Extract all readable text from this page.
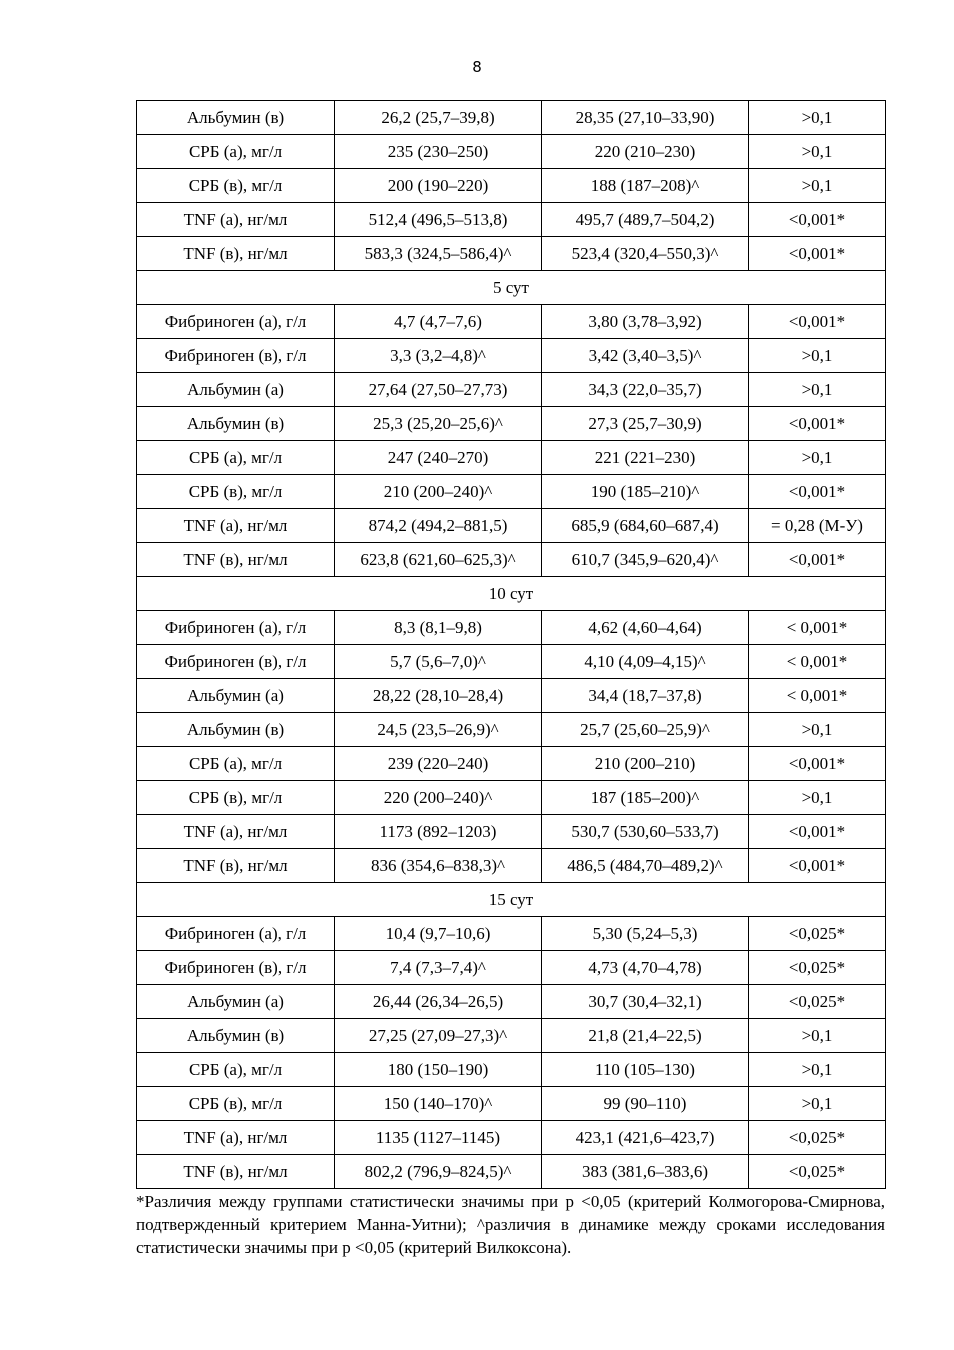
8
Альбумин (в)	26,2 (25,7–39,8)	28,35 (27,10–33,90)	>0,1
СРБ (а), мг/л	235 (230–250)	220 (210–230)	>0,1
СРБ (в), мг/л	200 (190–220)	188 (187–208)^	>0,1
TNF (а), нг/мл	512,4 (496,5–513,8)	495,7 (489,7–504,2)	<0,001*
TNF (в), нг/мл	583,3 (324,5–586,4)^	523,4 (320,4–550,3)^	<0,001*
5 сут			
Фибриноген (а), г/л	4,7 (4,7–7,6)	3,80 (3,78–3,92)	<0,001*
Фибриноген (в), г/л	3,3 (3,2–4,8)^	3,42 (3,40–3,5)^	>0,1
Альбумин (а)	27,64 (27,50–27,73)	34,3 (22,0–35,7)	>0,1
Альбумин (в)	25,3 (25,20–25,6)^	27,3 (25,7–30,9)	<0,001*
СРБ (а), мг/л	247 (240–270)	221 (221–230)	>0,1
СРБ (в), мг/л	210 (200–240)^	190 (185–210)^	<0,001*
TNF (а), нг/мл	874,2 (494,2–881,5)	685,9 (684,60–687,4)	= 0,28 (М-У)
TNF (в), нг/мл	623,8 (621,60–625,3)^	610,7 (345,9–620,4)^	<0,001*
10 сут			
Фибриноген (а), г/л	8,3 (8,1–9,8)	4,62 (4,60–4,64)	< 0,001*
Фибриноген (в), г/л	5,7 (5,6–7,0)^	4,10 (4,09–4,15)^	< 0,001*
Альбумин (а)	28,22 (28,10–28,4)	34,4 (18,7–37,8)	< 0,001*
Альбумин (в)	24,5 (23,5–26,9)^	25,7 (25,60–25,9)^	>0,1
СРБ (а), мг/л	239 (220–240)	210 (200–210)	<0,001*
СРБ (в), мг/л	220 (200–240)^	187 (185–200)^	>0,1
TNF (а), нг/мл	1173 (892–1203)	530,7 (530,60–533,7)	<0,001*
TNF (в), нг/мл	836 (354,6–838,3)^	486,5 (484,70–489,2)^	<0,001*
15 сут			
Фибриноген (а), г/л	10,4 (9,7–10,6)	5,30 (5,24–5,3)	<0,025*
Фибриноген (в), г/л	7,4 (7,3–7,4)^	4,73 (4,70–4,78)	<0,025*
Альбумин (а)	26,44 (26,34–26,5)	30,7 (30,4–32,1)	<0,025*
Альбумин (в)	27,25 (27,09–27,3)^	21,8 (21,4–22,5)	>0,1
СРБ (а), мг/л	180 (150–190)	110 (105–130)	>0,1
СРБ (в), мг/л	150 (140–170)^	99 (90–110)	>0,1
TNF (а), нг/мл	1135 (1127–1145)	423,1 (421,6–423,7)	<0,025*
TNF (в), нг/мл	802,2 (796,9–824,5)^	383 (381,6–383,6)	<0,025*
*Различия между группами статистически значимы при р <0,05 (критерий Колмогорова-Смирнова, подтвержденный критерием Манна-Уитни); ^различия в динамике между сроками исследования статистически значимы при р <0,05 (критерий Вилкоксона).
